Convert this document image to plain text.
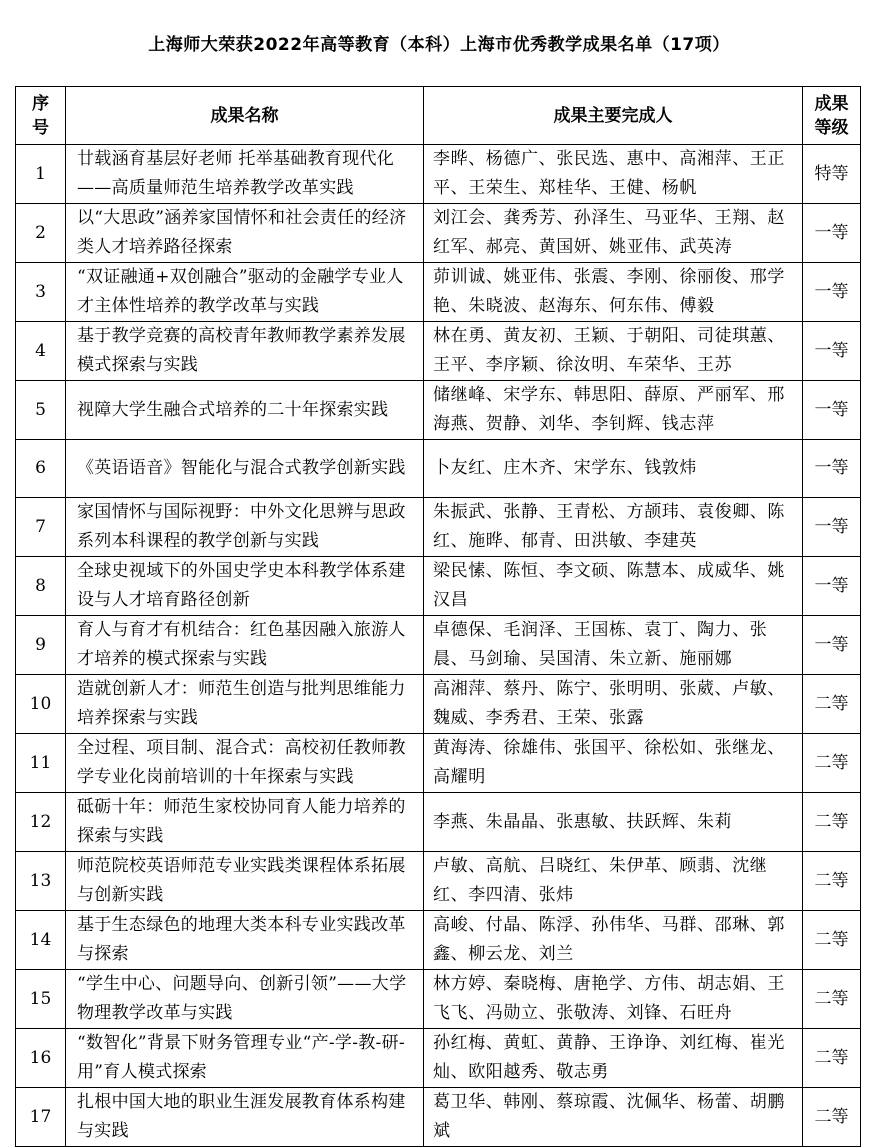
上海师大荣获2022年高等教育（本科）上海市优秀教学成果名单（17项）
序号	成果名称	成果主要完成人	成果等级

1	廿载涵育基层好老师 托举基础教育现代化——高质量师范生培养教学改革实践	李晔、杨德广、张民选、惠中、高湘萍、王正平、王荣生、郑桂华、王健、杨帆	特等

2	以“大思政”涵养家国情怀和社会责任的经济类人才培养路径探索	刘江会、龚秀芳、孙泽生、马亚华、王翔、赵红军、郝亮、黄国妍、姚亚伟、武英涛	一等

3	“双证融通+双创融合”驱动的金融学专业人才主体性培养的教学改革与实践	茆训诚、姚亚伟、张震、李刚、徐丽俊、邢学艳、朱晓波、赵海东、何东伟、傅毅	一等

4	基于教学竞赛的高校青年教师教学素养发展模式探索与实践	林在勇、黄友初、王颖、于朝阳、司徒琪蕙、王平、李序颖、徐汝明、车荣华、王苏	一等

5	视障大学生融合式培养的二十年探索实践	储继峰、宋学东、韩思阳、薛原、严丽军、邢海燕、贺静、刘华、李钊辉、钱志萍	一等

6	《英语语音》智能化与混合式教学创新实践	卜友红、庄木齐、宋学东、钱敦炜	一等

7	家国情怀与国际视野：中外文化思辨与思政系列本科课程的教学创新与实践	朱振武、张静、王青松、方颉玮、袁俊卿、陈红、施晔、郁青、田洪敏、李建英	一等

8	全球史视域下的外国史学史本科教学体系建设与人才培育路径创新	梁民愫、陈恒、李文硕、陈慧本、成威华、姚汉昌	一等

9	育人与育才有机结合：红色基因融入旅游人才培养的模式探索与实践	卓德保、毛润泽、王国栋、袁丁、陶力、张晨、马剑瑜、吴国清、朱立新、施丽娜	一等

10	造就创新人才：师范生创造与批判思维能力培养探索与实践	高湘萍、蔡丹、陈宁、张明明、张葳、卢敏、魏威、李秀君、王荣、张露	二等

11	全过程、项目制、混合式：高校初任教师教学专业化岗前培训的十年探索与实践	黄海涛、徐雄伟、张国平、徐松如、张继龙、高耀明	二等

12	砥砺十年：师范生家校协同育人能力培养的探索与实践	李燕、朱晶晶、张惠敏、扶跃辉、朱莉	二等

13	师范院校英语师范专业实践类课程体系拓展与创新实践	卢敏、高航、吕晓红、朱伊革、顾翡、沈继红、李四清、张炜	二等

14	基于生态绿色的地理大类本科专业实践改革与探索	高峻、付晶、陈浮、孙伟华、马群、邵琳、郭鑫、柳云龙、刘兰	二等

15	“学生中心、问题导向、创新引领”——大学物理教学改革与实践	林方婷、秦晓梅、唐艳学、方伟、胡志娟、王飞飞、冯勋立、张敬涛、刘锋、石旺舟	二等

16	“数智化”背景下财务管理专业“产-学-教-研-用”育人模式探索	孙红梅、黄虹、黄静、王诤诤、刘红梅、崔光灿、欧阳越秀、敬志勇	二等

17	扎根中国大地的职业生涯发展教育体系构建与实践	葛卫华、韩刚、蔡琼霞、沈佩华、杨蕾、胡鹏斌	二等
